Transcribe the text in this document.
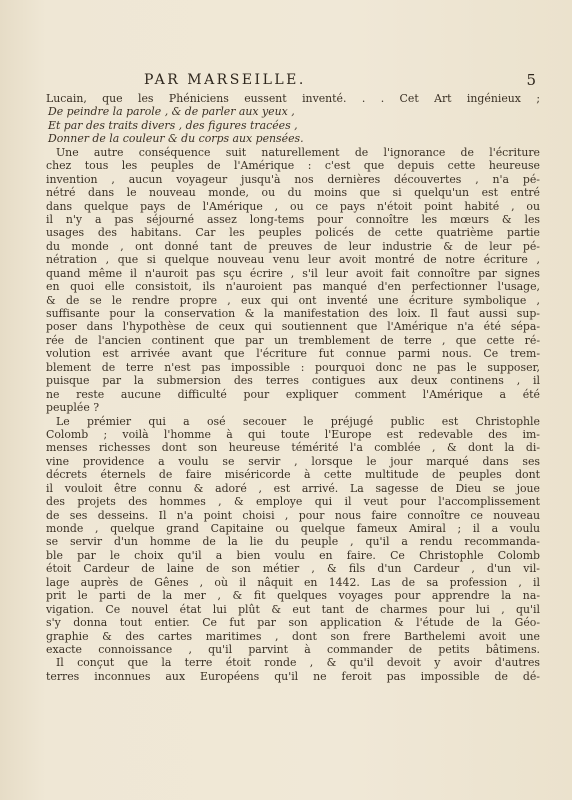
PAR MARSEILLE.	5
Lucain, que les Phéniciens eussent inventé. . . Cet Art ingénieux ;
De peindre la parole , & de parler aux yeux ,
Et par des traits divers , des figures tracées ,
Donner de la couleur & du corps aux pensées.
Une autre conséquence suit naturellement de l'ignorance de l'écriture
chez tous les peuples de l'Amérique : c'est que depuis cette heureuse
invention , aucun voyageur jusqu'à nos dernières découvertes , n'a pé-
nétré dans le nouveau monde, ou du moins que si quelqu'un est entré
dans quelque pays de l'Amérique , ou ce pays n'étoit point habité , ou
il n'y a pas séjourné assez long-tems pour connoître les mœurs & les
usages des habitans. Car les peuples policés de cette quatrième partie
du monde , ont donné tant de preuves de leur industrie & de leur pé-
nétration , que si quelque nouveau venu leur avoit montré de notre écriture ,
quand même il n'auroit pas sçu écrire , s'il leur avoit fait connoître par signes
en quoi elle consistoit, ils n'auroient pas manqué d'en perfectionner l'usage,
& de se le rendre propre , eux qui ont inventé une écriture symbolique ,
suffisante pour la conservation & la manifestation des loix. Il faut aussi sup-
poser dans l'hypothèse de ceux qui soutiennent que l'Amérique n'a été sépa-
rée de l'ancien continent que par un tremblement de terre , que cette ré-
volution est arrivée avant que l'écriture fut connue parmi nous. Ce trem-
blement de terre n'est pas impossible : pourquoi donc ne pas le supposer,
puisque par la submersion des terres contigues aux deux continens , il
ne reste aucune difficulté pour expliquer comment l'Amérique a été
peuplée ?
Le prémier qui a osé secouer le préjugé public est Christophle
Colomb ; voilà l'homme à qui toute l'Europe est redevable des im-
menses richesses dont son heureuse témérité l'a comblée , & dont la di-
vine providence a voulu se servir , lorsque le jour marqué dans ses
décrets éternels de faire miséricorde à cette multitude de peuples dont
il vouloit être connu & adoré , est arrivé. La sagesse de Dieu se joue
des projets des hommes , & employe qui il veut pour l'accomplissement
de ses desseins. Il n'a point choisi , pour nous faire connoître ce nouveau
monde , quelque grand Capitaine ou quelque fameux Amiral ; il a voulu
se servir d'un homme de la lie du peuple , qu'il a rendu recommanda-
ble par le choix qu'il a bien voulu en faire. Ce Christophle Colomb
étoit Cardeur de laine de son métier , & fils d'un Cardeur , d'un vil-
lage auprès de Gênes , où il nâquit en 1442. Las de sa profession , il
prit le parti de la mer , & fit quelques voyages pour apprendre la na-
vigation. Ce nouvel état lui plût & eut tant de charmes pour lui , qu'il
s'y donna tout entier. Ce fut par son application & l'étude de la Géo-
graphie & des cartes maritimes , dont son frere Barthelemi avoit une
exacte connoissance , qu'il parvint à commander de petits bâtimens.
Il conçut que la terre étoit ronde , & qu'il devoit y avoir d'autres
terres inconnues aux Européens qu'il ne feroit pas impossible de dé-
